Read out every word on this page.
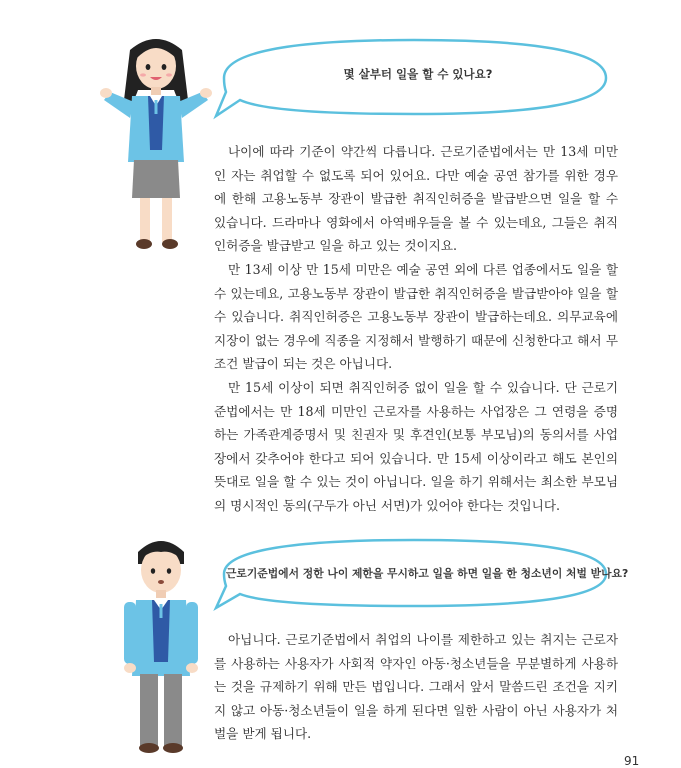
몇 살부터 일을 할 수 있나요?

나이에 따라 기준이 약간씩 다릅니다. 근로기준법에서는 만 13세 미만인 자는 취업할 수 없도록 되어 있어요. 다만 예술 공연 참가를 위한 경우에 한해 고용노동부 장관이 발급한 취직인허증을 발급받으면 일을 할 수 있습니다. 드라마나 영화에서 아역배우들을 볼 수 있는데요, 그들은 취직인허증을 발급받고 일을 하고 있는 것이지요.

만 13세 이상 만 15세 미만은 예술 공연 외에 다른 업종에서도 일을 할 수 있는데요, 고용노동부 장관이 발급한 취직인허증을 발급받아야 일을 할 수 있습니다. 취직인허증은 고용노동부 장관이 발급하는데요. 의무교육에 지장이 없는 경우에 직종을 지정해서 발행하기 때문에 신청한다고 해서 무조건 발급이 되는 것은 아닙니다.

만 15세 이상이 되면 취직인허증 없이 일을 할 수 있습니다. 단 근로기준법에서는 만 18세 미만인 근로자를 사용하는 사업장은 그 연령을 증명하는 가족관계증명서 및 친권자 및 후견인(보통 부모님)의 동의서를 사업장에서 갖추어야 한다고 되어 있습니다. 만 15세 이상이라고 해도 본인의 뜻대로 일을 할 수 있는 것이 아닙니다. 일을 하기 위해서는 최소한 부모님의 명시적인 동의(구두가 아닌 서면)가 있어야 한다는 것입니다.

근로기준법에서 정한 나이 제한을 무시하고 일을 하면 일을 한 청소년이 처벌 받나요?

아닙니다. 근로기준법에서 취업의 나이를 제한하고 있는 취지는 근로자를 사용하는 사용자가 사회적 약자인 아동·청소년들을 무분별하게 사용하는 것을 규제하기 위해 만든 법입니다. 그래서 앞서 말씀드린 조건을 지키지 않고 아동·청소년들이 일을 하게 된다면 일한 사람이 아닌 사용자가 처벌을 받게 됩니다.

91
